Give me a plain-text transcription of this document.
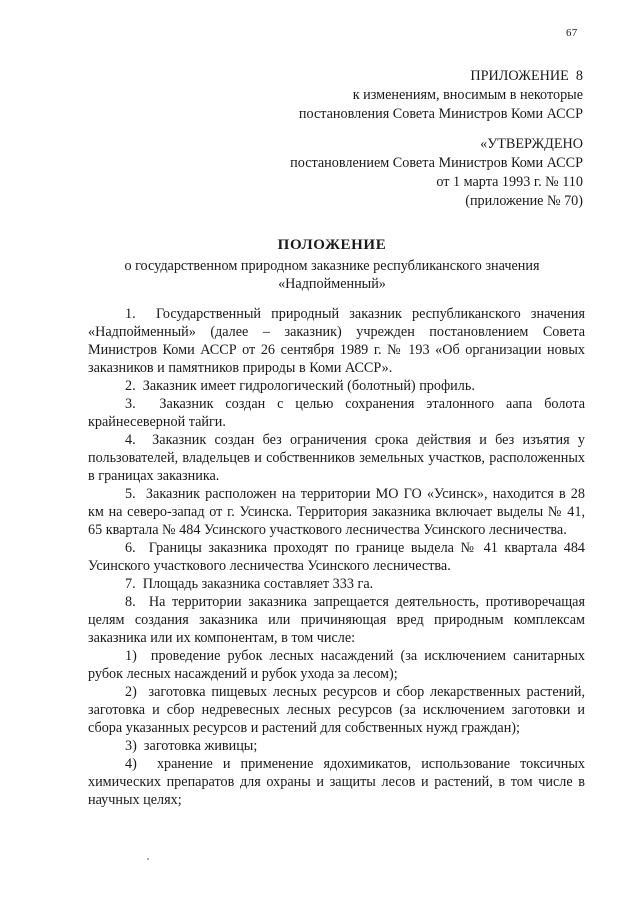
67
ПРИЛОЖЕНИЕ  8
к изменениям, вносимым в некоторые
постановления Совета Министров Коми АССР
«УТВЕРЖДЕНО
постановлением Совета Министров Коми АССР
от 1 марта 1993 г. № 110
(приложение № 70)
ПОЛОЖЕНИЕ
о государственном природном заказнике республиканского значения
«Надпойменный»

1. Государственный природный заказник республиканского значения «Надпойменный» (далее – заказник) учрежден постановлением Совета Министров Коми АССР от 26 сентября 1989 г. № 193 «Об организации новых заказников и памятников природы в Коми АССР».

2. Заказник имеет гидрологический (болотный) профиль.

3. Заказник создан с целью сохранения эталонного аапа болота крайнесеверной тайги.

4. Заказник создан без ограничения срока действия и без изъятия у пользователей, владельцев и собственников земельных участков, расположенных в границах заказника.

5. Заказник расположен на территории МО ГО «Усинск», находится в 28 км на северо-запад от г. Усинска. Территория заказника включает выделы № 41, 65 квартала № 484 Усинского участкового лесничества Усинского лесничества.

6. Границы заказника проходят по границе выдела № 41 квартала 484 Усинского участкового лесничества Усинского лесничества.

7. Площадь заказника составляет 333 га.

8. На территории заказника запрещается деятельность, противоречащая целям создания заказника или причиняющая вред природным комплексам заказника или их компонентам, в том числе:

1) проведение рубок лесных насаждений (за исключением санитарных рубок лесных насаждений и рубок ухода за лесом);

2) заготовка пищевых лесных ресурсов и сбор лекарственных растений, заготовка и сбор недревесных лесных ресурсов (за исключением заготовки и сбора указанных ресурсов и растений для собственных нужд граждан);

3) заготовка живицы;

4) хранение и применение ядохимикатов, использование токсичных химических препаратов для охраны и защиты лесов и растений, в том числе в научных целях;
